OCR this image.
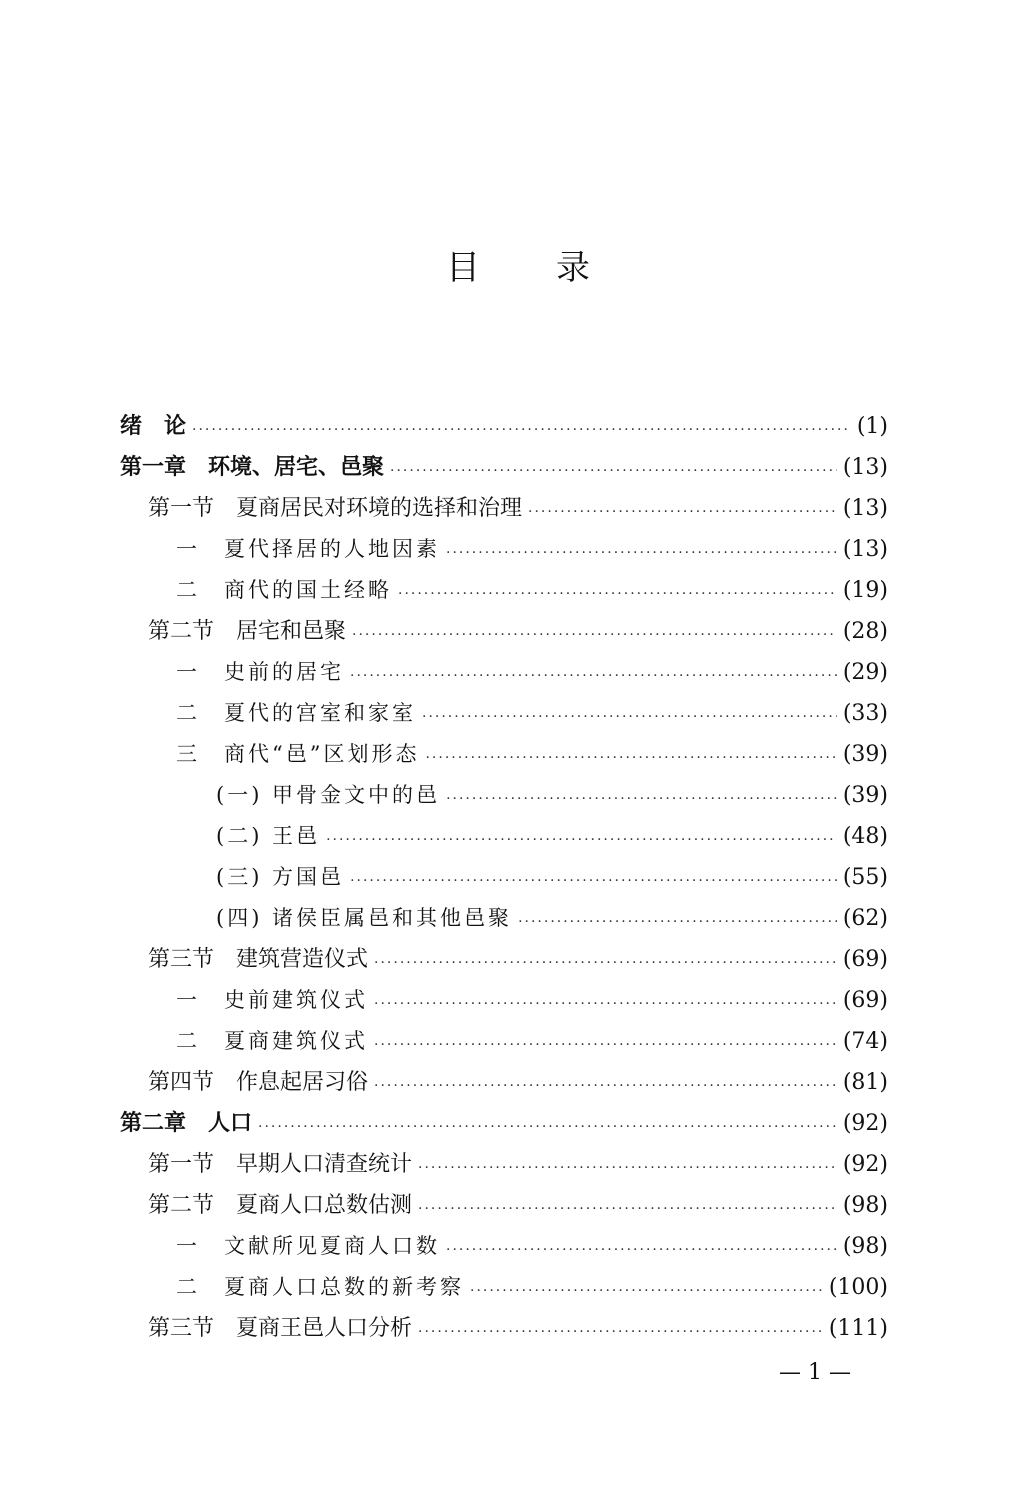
目 录
绪　论 ·····	(1)
第一章　环境、居宅、邑聚 ·····	(13)
第一节　夏商居民对环境的选择和治理 ·····	(13)
一　夏代择居的人地因素 ·····	(13)
二　商代的国土经略 ·····	(19)
第二节　居宅和邑聚 ·····	(28)
一　史前的居宅 ·····	(29)
二　夏代的宫室和家室 ·····	(33)
三　商代“邑”区划形态 ·····	(39)
(一) 甲骨金文中的邑 ·····	(39)
(二) 王邑 ·····	(48)
(三) 方国邑 ·····	(55)
(四) 诸侯臣属邑和其他邑聚 ·····	(62)
第三节　建筑营造仪式 ·····	(69)
一　史前建筑仪式 ·····	(69)
二　夏商建筑仪式 ·····	(74)
第四节　作息起居习俗 ·····	(81)
第二章　人口 ·····	(92)
第一节　早期人口清查统计 ·····	(92)
第二节　夏商人口总数估测 ·····	(98)
一　文献所见夏商人口数 ·····	(98)
二　夏商人口总数的新考察 ·····	(100)
第三节　夏商王邑人口分析 ·····	(111)
— 1 —
